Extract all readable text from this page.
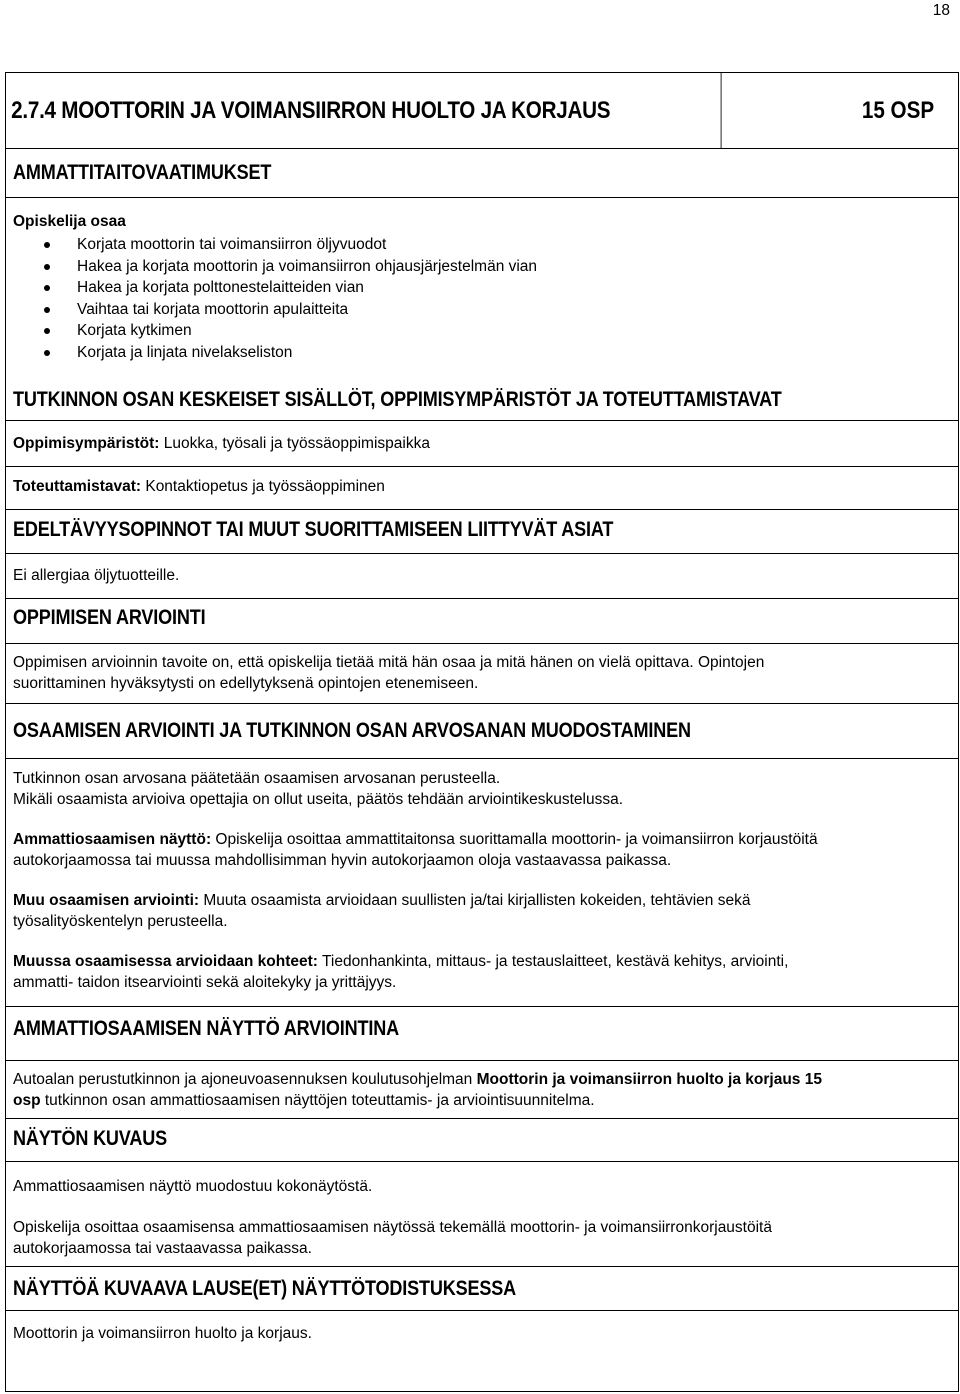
18
2.7.4 MOOTTORIN JA VOIMANSIIRRON HUOLTO JA KORJAUS	15 OSP
AMMATTITAITOVAATIMUKSET
Opiskelija osaa
Korjata moottorin tai voimansiirron öljyvuodot
Hakea ja korjata moottorin ja voimansiirron ohjausjärjestelmän vian
Hakea ja korjata polttonestelaitteiden vian
Vaihtaa tai korjata moottorin apulaitteita
Korjata kytkimen
Korjata ja linjata nivelakseliston
TUTKINNON OSAN KESKEISET SISÄLLÖT, OPPIMISYMPÄRISTÖT JA TOTEUTTAMISTAVAT
Oppimisympäristöt: Luokka, työsali ja työssäoppimispaikka
Toteuttamistavat: Kontaktiopetus ja työssäoppiminen
EDELTÄVYYSOPINNOT TAI MUUT SUORITTAMISEEN LIITTYVÄT ASIAT
Ei allergiaa öljytuotteille.
OPPIMISEN ARVIOINTI
Oppimisen arvioinnin tavoite on, että opiskelija tietää mitä hän osaa ja mitä hänen on vielä opittava. Opintojen
suorittaminen hyväksytysti on edellytyksenä opintojen etenemiseen.
OSAAMISEN ARVIOINTI JA TUTKINNON OSAN ARVOSANAN MUODOSTAMINEN
Tutkinnon osan arvosana päätetään osaamisen arvosanan perusteella.
Mikäli osaamista arvioiva opettajia on ollut useita, päätös tehdään arviointikeskustelussa.
Ammattiosaamisen näyttö: Opiskelija osoittaa ammattitaitonsa suorittamalla moottorin- ja voimansiirron korjaustöitä
autokorjaamossa tai muussa mahdollisimman hyvin autokorjaamon oloja vastaavassa paikassa.
Muu osaamisen arviointi: Muuta osaamista arvioidaan suullisten ja/tai kirjallisten kokeiden, tehtävien sekä
työsalityöskentelyn perusteella.
Muussa osaamisessa arvioidaan kohteet: Tiedonhankinta, mittaus- ja testauslaitteet, kestävä kehitys, arviointi,
ammatti- taidon itsearviointi sekä aloitekyky ja yrittäjyys.
AMMATTIOSAAMISEN NÄYTTÖ ARVIOINTINA
Autoalan perustutkinnon ja ajoneuvoasennuksen koulutusohjelman Moottorin ja voimansiirron huolto ja korjaus 15
osp tutkinnon osan ammattiosaamisen näyttöjen toteuttamis- ja arviointisuunnitelma.
NÄYTÖN KUVAUS
Ammattiosaamisen näyttö muodostuu kokonäytöstä.
Opiskelija osoittaa osaamisensa ammattiosaamisen näytössä tekemällä moottorin- ja voimansiirronkorjaustöitä
autokorjaamossa tai vastaavassa paikassa.
NÄYTTÖÄ KUVAAVA LAUSE(ET) NÄYTTÖTODISTUKSESSA
Moottorin ja voimansiirron huolto ja korjaus.
